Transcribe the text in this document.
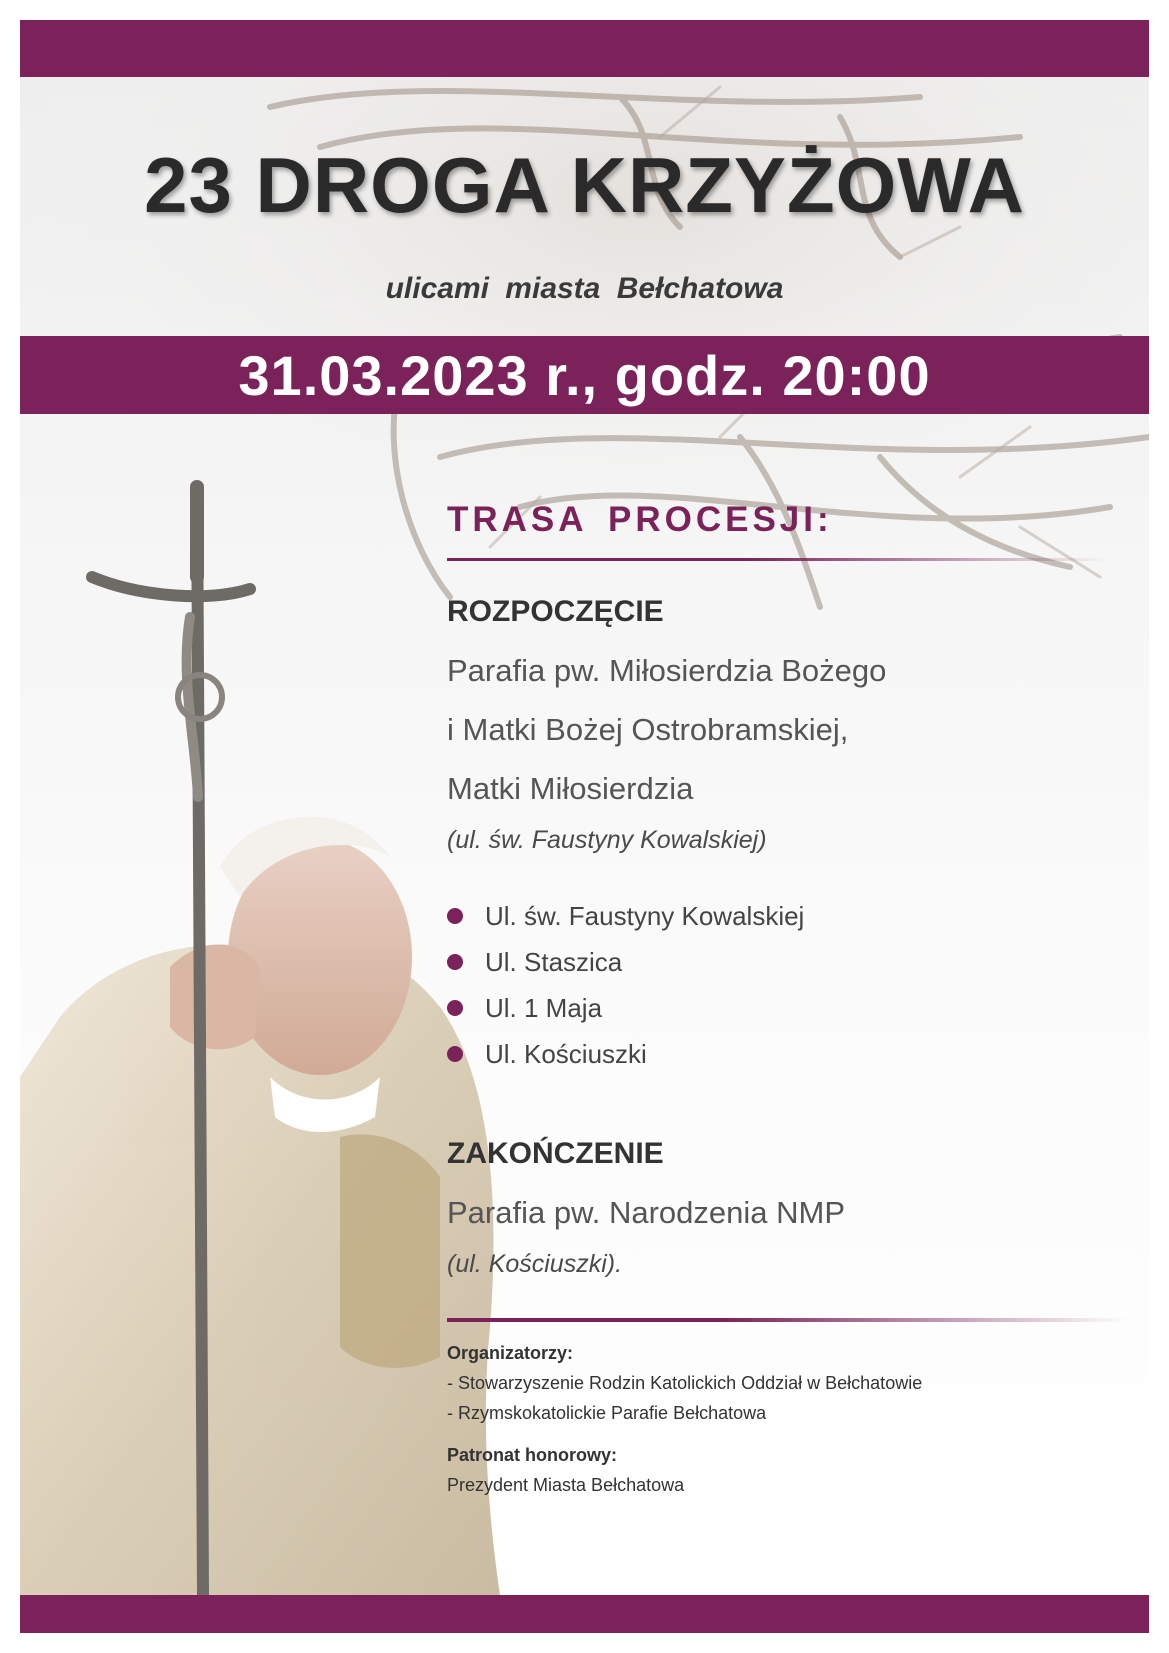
23 DROGA KRZYŻOWA
ulicami miasta Bełchatowa
31.03.2023 r., godz. 20:00
TRASA PROCESJI:
ROZPOCZĘCIE
Parafia pw. Miłosierdzia Bożego
i Matki Bożej Ostrobramskiej,
Matki Miłosierdzia
(ul. św. Faustyny Kowalskiej)
Ul. św. Faustyny Kowalskiej
Ul. Staszica
Ul. 1 Maja
Ul. Kościuszki
ZAKOŃCZENIE
Parafia pw. Narodzenia NMP
(ul. Kościuszki).
Organizatorzy:
- Stowarzyszenie Rodzin Katolickich Oddział w Bełchatowie
- Rzymskokatolickie Parafie Bełchatowa
Patronat honorowy:
Prezydent Miasta Bełchatowa
